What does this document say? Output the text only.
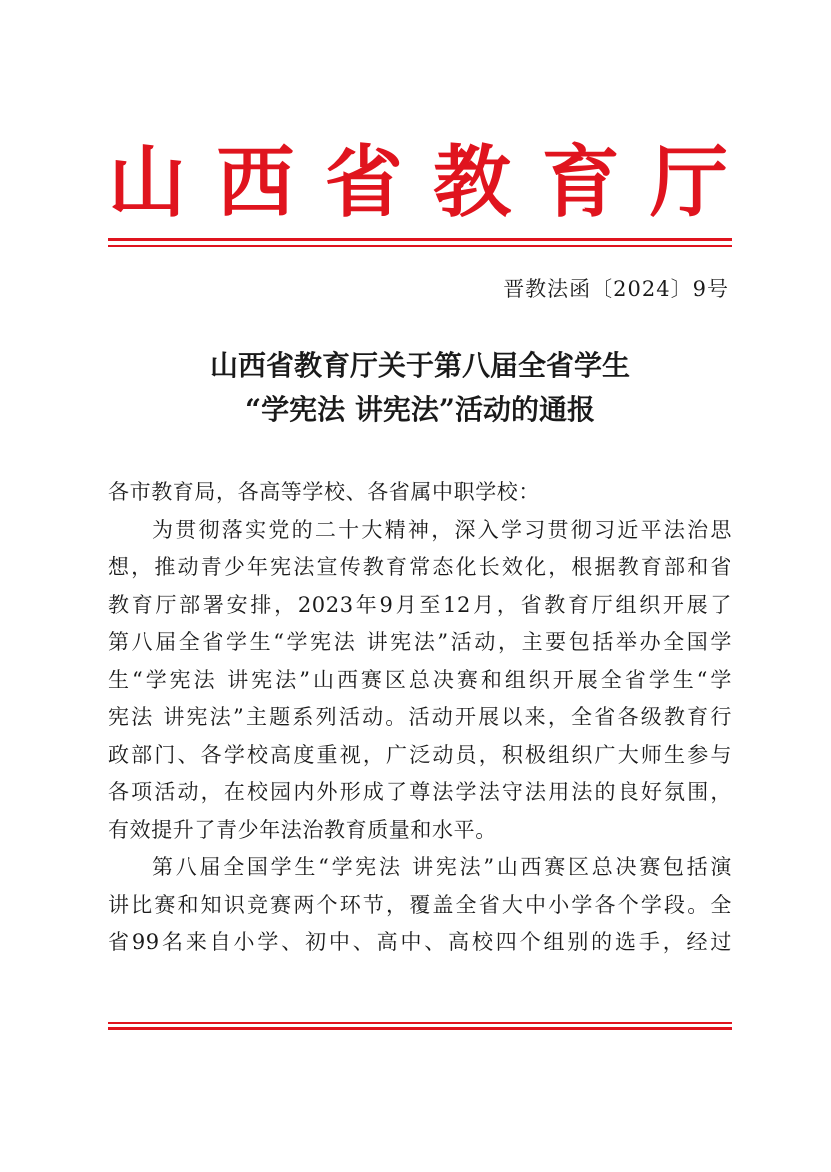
山 西 省 教 育 厅
晋教法函〔2024〕9号
山西省教育厅关于第八届全省学生
“学宪法 讲宪法”活动的通报
各市教育局，各高等学校、各省属中职学校：
为贯彻落实党的二十大精神，深入学习贯彻习近平法治思
想，推动青少年宪法宣传教育常态化长效化，根据教育部和省
教育厅部署安排，2023年9月至12月，省教育厅组织开展了
第八届全省学生“学宪法 讲宪法”活动，主要包括举办全国学
生“学宪法 讲宪法”山西赛区总决赛和组织开展全省学生“学
宪法 讲宪法”主题系列活动。活动开展以来，全省各级教育行
政部门、各学校高度重视，广泛动员，积极组织广大师生参与
各项活动，在校园内外形成了尊法学法守法用法的良好氛围，
有效提升了青少年法治教育质量和水平。
第八届全国学生“学宪法 讲宪法”山西赛区总决赛包括演
讲比赛和知识竞赛两个环节，覆盖全省大中小学各个学段。全
省99名来自小学、初中、高中、高校四个组别的选手，经过
